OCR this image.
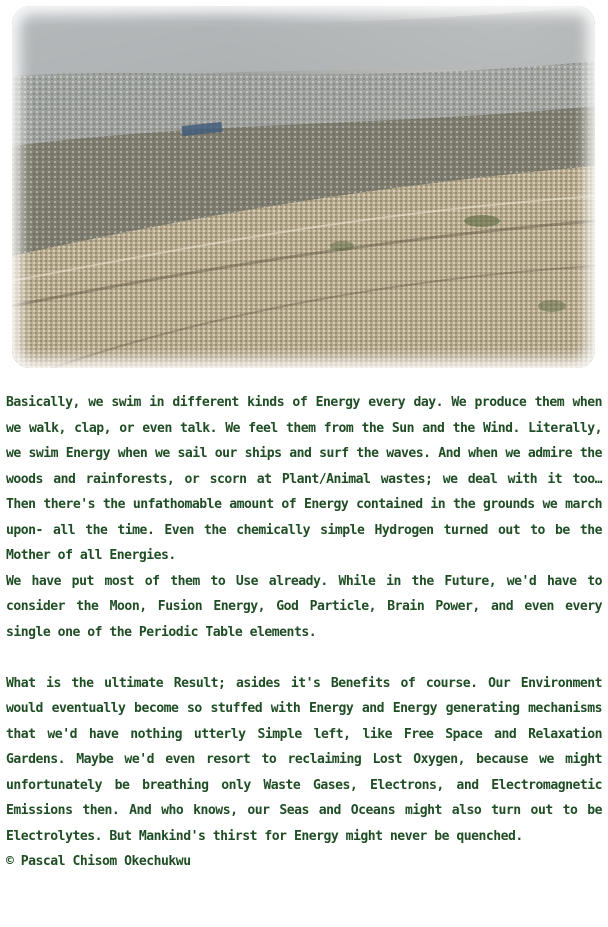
Basically, we swim in different kinds of Energy every day. We produce them when we walk, clap, or even talk. We feel them from the Sun and the Wind. Literally, we swim Energy when we sail our ships and surf the waves. And when we admire the woods and rainforests, or scorn at Plant/Animal wastes; we deal with it too… Then there's the unfathomable amount of Energy contained in the grounds we march upon- all the time. Even the chemically simple Hydrogen turned out to be the Mother of all Energies.

We have put most of them to Use already. While in the Future, we'd have to consider the Moon, Fusion Energy, God Particle, Brain Power, and even every single one of the Periodic Table elements.

What is the ultimate Result; asides it's Benefits of course. Our Environment would eventually become so stuffed with Energy and Energy generating mechanisms that we'd have nothing utterly Simple left, like Free Space and Relaxation Gardens. Maybe we'd even resort to reclaiming Lost Oxygen, because we might unfortunately be breathing only Waste Gases, Electrons, and Electromagnetic Emissions then. And who knows, our Seas and Oceans might also turn out to be Electrolytes. But Mankind's thirst for Energy might never be quenched.

© Pascal Chisom Okechukwu
